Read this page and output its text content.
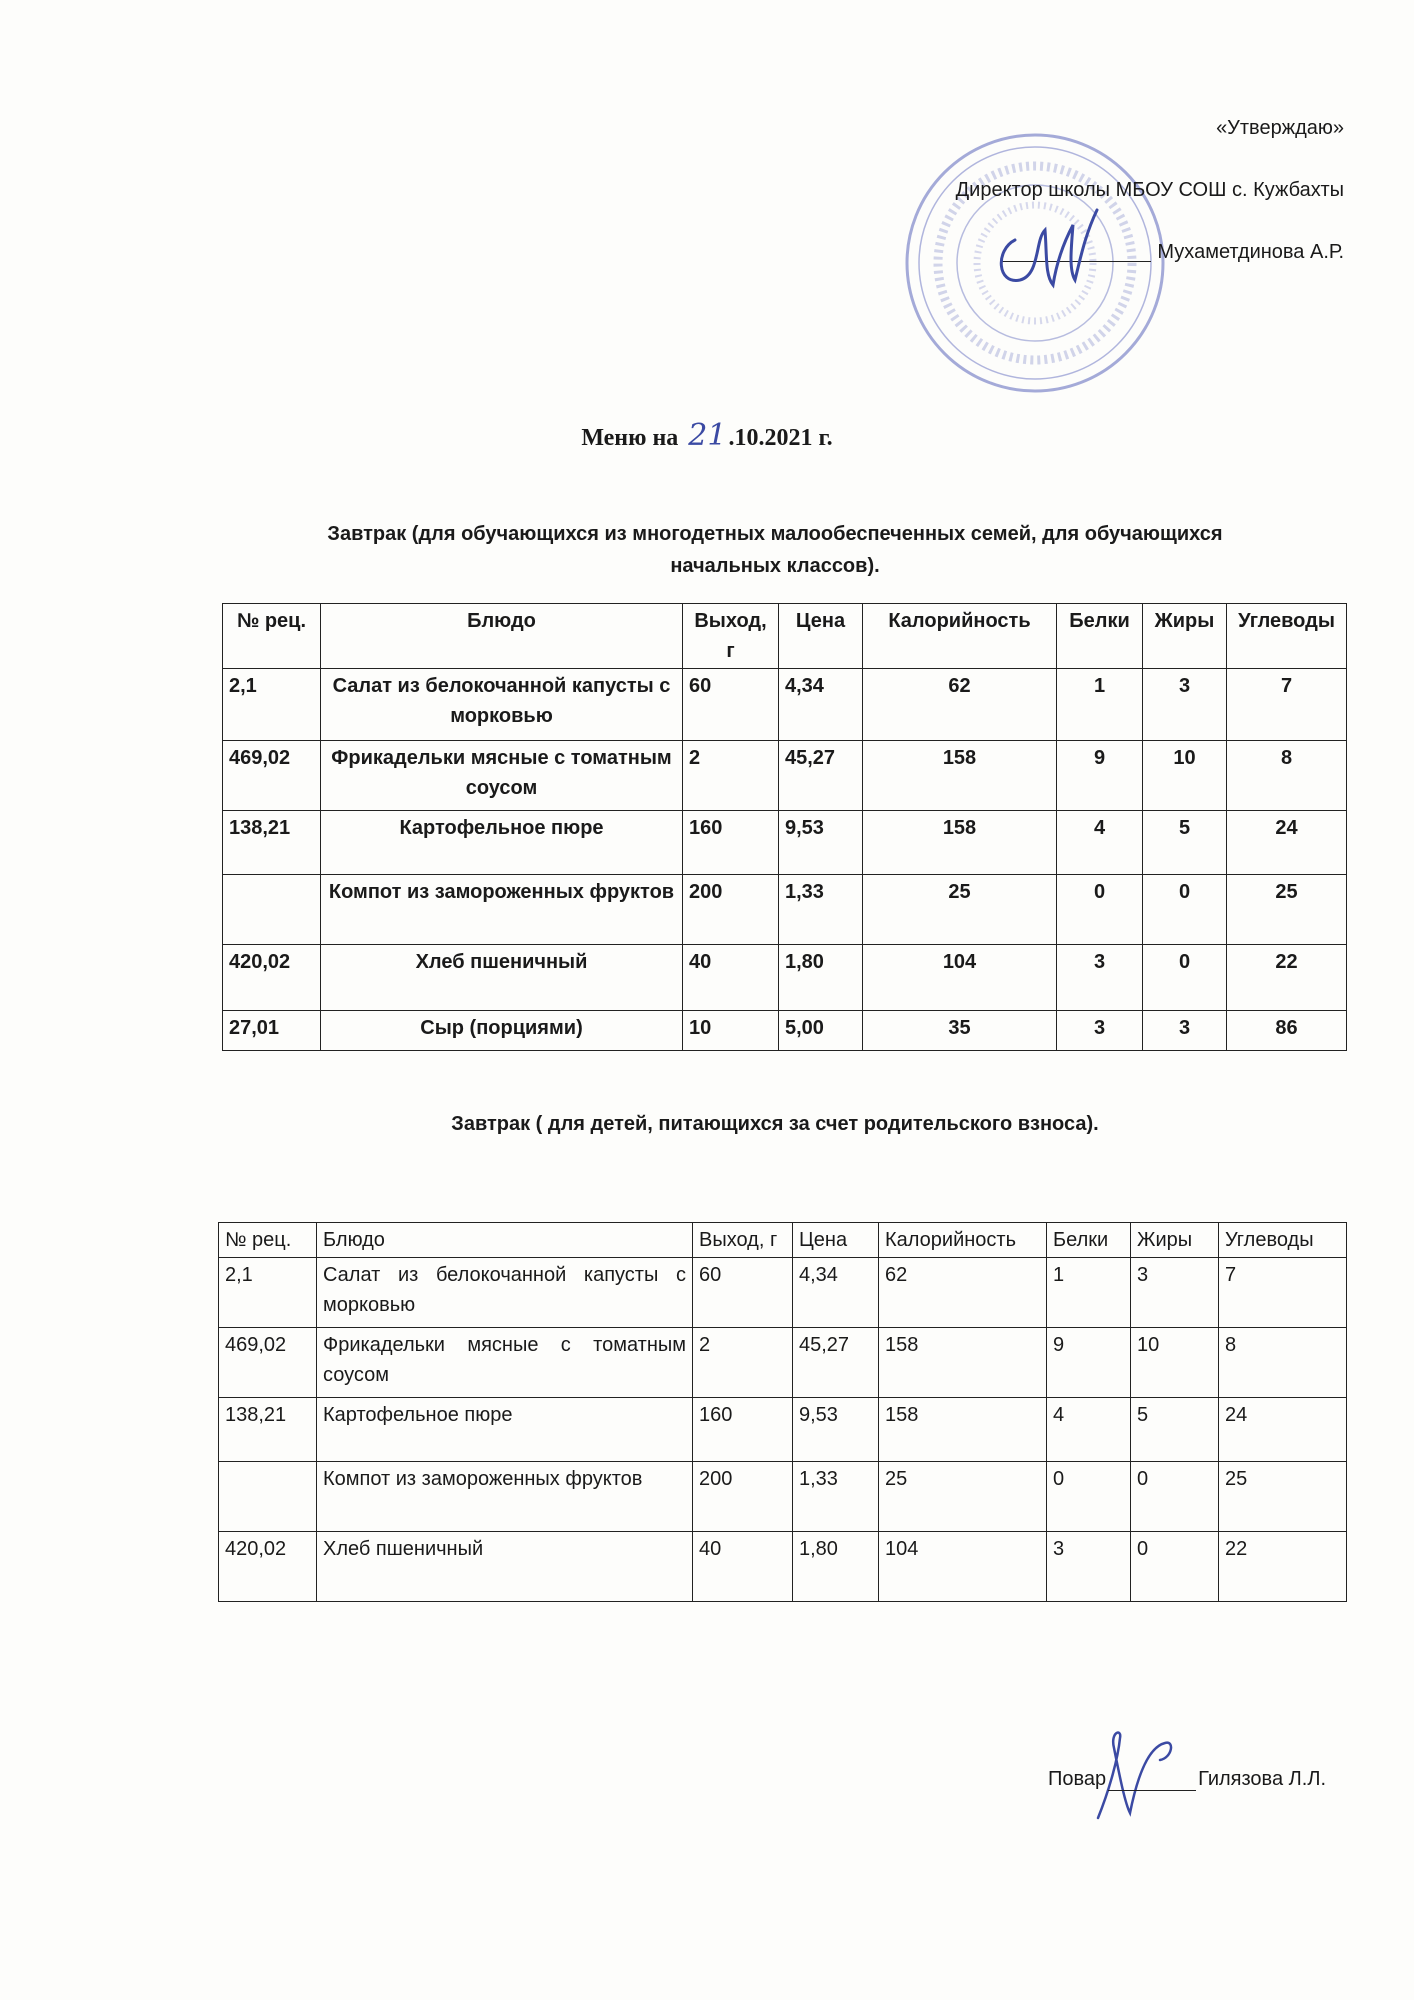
«Утверждаю»
Директор школы МБОУ СОШ с. Кужбахты
Мухаметдинова А.Р.
Меню на 21.10.2021 г.
Завтрак (для обучающихся из многодетных малообеспеченных семей, для обучающихся
начальных классов).
№ рец.	Блюдо	Выход, г	Цена	Калорийность	Белки	Жиры	Углеводы
2,1	Салат из белокочанной капусты с морковью	60	4,34	62	1	3	7
469,02	Фрикадельки мясные с томатным соусом	2	45,27	158	9	10	8
138,21	Картофельное пюре	160	9,53	158	4	5	24
	Компот из замороженных фруктов	200	1,33	25	0	0	25
420,02	Хлеб пшеничный	40	1,80	104	3	0	22
27,01	Сыр (порциями)	10	5,00	35	3	3	86
Завтрак ( для детей, питающихся за счет родительского взноса).
№ рец.	Блюдо	Выход, г	Цена	Калорийность	Белки	Жиры	Углеводы
2,1	Салат из белокочанной капусты с морковью	60	4,34	62	1	3	7
469,02	Фрикадельки мясные с томатным соусом	2	45,27	158	9	10	8
138,21	Картофельное пюре	160	9,53	158	4	5	24
	Компот из замороженных фруктов	200	1,33	25	0	0	25
420,02	Хлеб пшеничный	40	1,80	104	3	0	22
Повар	Гилязова Л.Л.
